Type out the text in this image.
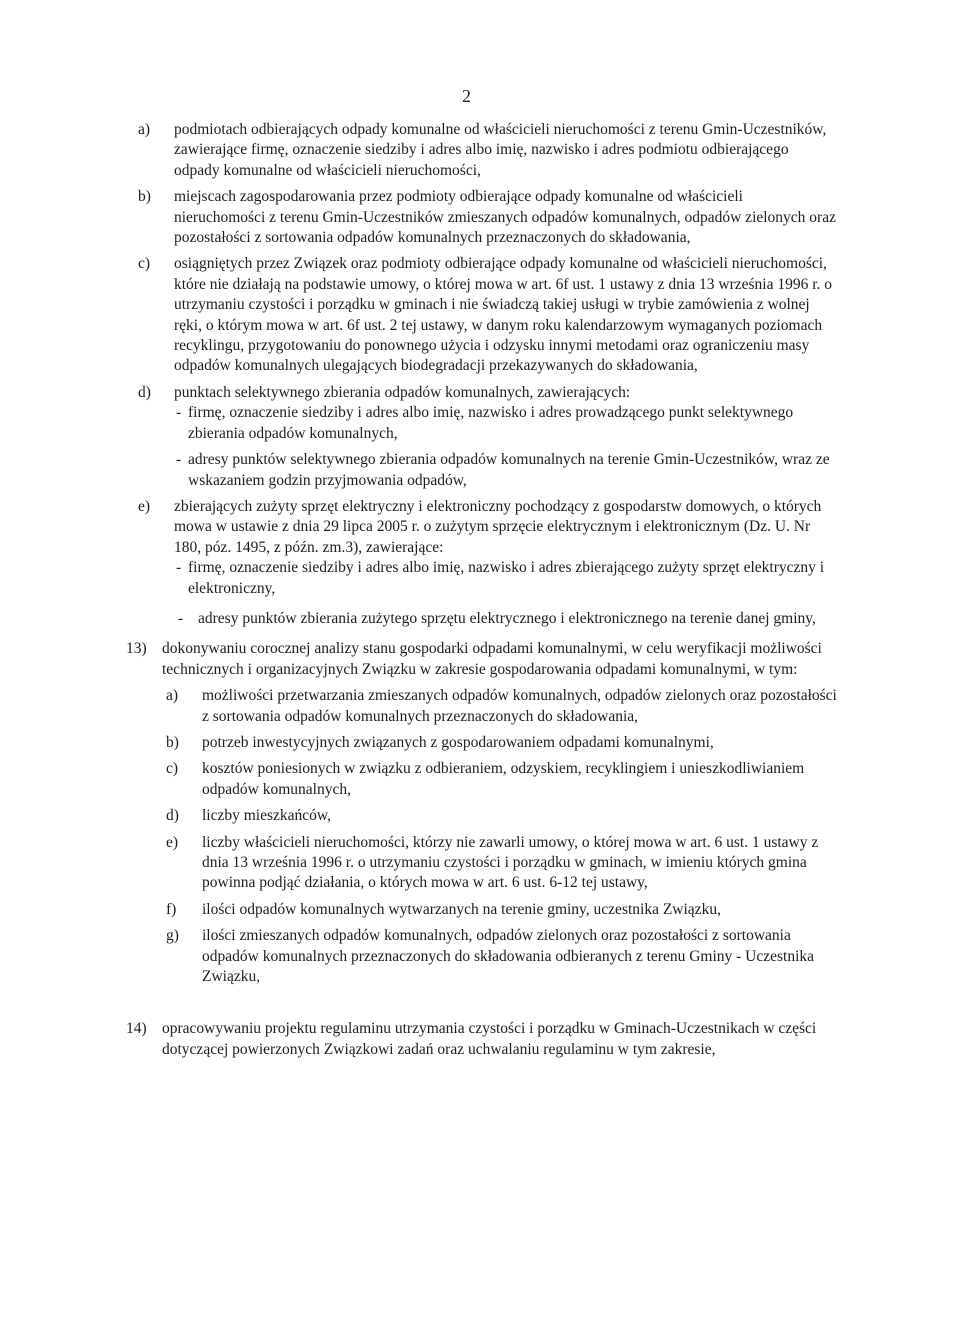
2
a)	podmiotach odbierających odpady komunalne od właścicieli nieruchomości z terenu Gmin-Uczestników, zawierające firmę, oznaczenie siedziby i adres albo imię, nazwisko i adres podmiotu odbierającego odpady komunalne od właścicieli nieruchomości,
b)	miejscach zagospodarowania przez podmioty odbierające odpady komunalne od właścicieli nieruchomości z terenu Gmin-Uczestników zmieszanych odpadów komunalnych, odpadów zielonych oraz pozostałości z sortowania odpadów komunalnych przeznaczonych do składowania,
c)	osiągniętych przez Związek oraz podmioty odbierające odpady komunalne od właścicieli nieruchomości, które nie działają na podstawie umowy, o której mowa w art. 6f ust. 1 ustawy z dnia 13 września 1996 r. o utrzymaniu czystości i porządku w gminach i nie świadczą takiej usługi w trybie zamówienia z wolnej ręki, o którym mowa w art. 6f ust. 2 tej ustawy, w danym roku kalendarzowym wymaganych poziomach recyklingu, przygotowaniu do ponownego użycia i odzysku innymi metodami oraz ograniczeniu masy odpadów komunalnych ulegających biodegradacji przekazywanych do składowania,
d)	punktach selektywnego zbierania odpadów komunalnych, zawierających:
- firmę, oznaczenie siedziby i adres albo imię, nazwisko i adres prowadzącego punkt selektywnego zbierania odpadów komunalnych,
- adresy punktów selektywnego zbierania odpadów komunalnych na terenie Gmin-Uczestników, wraz ze wskazaniem godzin przyjmowania odpadów,
e)	zbierających zużyty sprzęt elektryczny i elektroniczny pochodzący z gospodarstw domowych, o których mowa w ustawie z dnia 29 lipca 2005 r. o zużytym sprzęcie elektrycznym i elektronicznym (Dz. U. Nr 180, póz. 1495, z późn. zm.3), zawierające:
- firmę, oznaczenie siedziby i adres albo imię, nazwisko i adres zbierającego zużyty sprzęt elektryczny i elektroniczny,
- adresy punktów zbierania zużytego sprzętu elektrycznego i elektronicznego na terenie danej gminy,
13) dokonywaniu corocznej analizy stanu gospodarki odpadami komunalnymi, w celu weryfikacji możliwości technicznych i organizacyjnych Związku w zakresie gospodarowania odpadami komunalnymi, w tym:
a)	możliwości przetwarzania zmieszanych odpadów komunalnych, odpadów zielonych oraz pozostałości z sortowania odpadów komunalnych przeznaczonych do składowania,
b)	potrzeb inwestycyjnych związanych z gospodarowaniem odpadami komunalnymi,
c)	kosztów poniesionych w związku z odbieraniem, odzyskiem, recyklingiem i unieszkodliwianiem odpadów komunalnych,
d)	liczby mieszkańców,
e)	liczby właścicieli nieruchomości, którzy nie zawarli umowy, o której mowa w art. 6 ust. 1 ustawy z dnia 13 września 1996 r. o utrzymaniu czystości i porządku w gminach, w imieniu których gmina powinna podjąć działania, o których mowa w art. 6 ust. 6-12 tej ustawy,
f)	ilości odpadów komunalnych wytwarzanych na terenie gminy, uczestnika Związku,
g)	ilości zmieszanych odpadów komunalnych, odpadów zielonych oraz pozostałości z sortowania odpadów komunalnych przeznaczonych do składowania odbieranych z terenu Gminy - Uczestnika Związku,
14) opracowywaniu projektu regulaminu utrzymania czystości i porządku w Gminach-Uczestnikach w części dotyczącej powierzonych Związkowi zadań oraz uchwalaniu regulaminu w tym zakresie,
